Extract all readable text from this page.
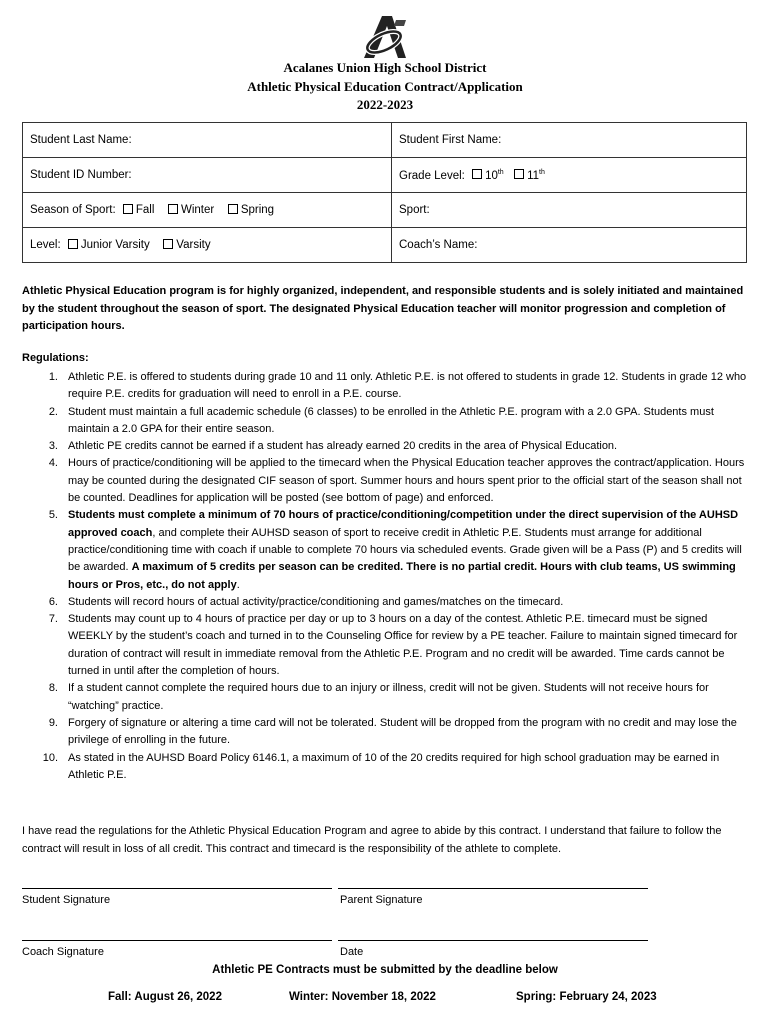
Acalanes Union High School District
Athletic Physical Education Contract/Application
2022-2023
Student Last Name:	Student First Name:
Student ID Number:	Grade Level: 10th 11th
Season of Sport: Fall Winter Spring	Sport:
Level: Junior Varsity Varsity	Coach’s Name:
Athletic Physical Education program is for highly organized, independent, and responsible students and is solely initiated and maintained by the student throughout the season of sport. The designated Physical Education teacher will monitor progression and completion of participation hours.
Regulations:
1. Athletic P.E. is offered to students during grade 10 and 11 only. Athletic P.E. is not offered to students in grade 12. Students in grade 12 who require P.E. credits for graduation will need to enroll in a P.E. course.
2. Student must maintain a full academic schedule (6 classes) to be enrolled in the Athletic P.E. program with a 2.0 GPA. Students must maintain a 2.0 GPA for their entire season.
3. Athletic PE credits cannot be earned if a student has already earned 20 credits in the area of Physical Education.
4. Hours of practice/conditioning will be applied to the timecard when the Physical Education teacher approves the contract/application. Hours may be counted during the designated CIF season of sport. Summer hours and hours spent prior to the official start of the season shall not be counted. Deadlines for application will be posted (see bottom of page) and enforced.
5. Students must complete a minimum of 70 hours of practice/conditioning/competition under the direct supervision of the AUHSD approved coach, and complete their AUHSD season of sport to receive credit in Athletic P.E. Students must arrange for additional practice/conditioning time with coach if unable to complete 70 hours via scheduled events. Grade given will be a Pass (P) and 5 credits will be awarded. A maximum of 5 credits per season can be credited. There is no partial credit. Hours with club teams, US swimming hours or Pros, etc., do not apply.
6. Students will record hours of actual activity/practice/conditioning and games/matches on the timecard.
7. Students may count up to 4 hours of practice per day or up to 3 hours on a day of the contest. Athletic P.E. timecard must be signed WEEKLY by the student’s coach and turned in to the Counseling Office for review by a PE teacher. Failure to maintain signed timecard for duration of contract will result in immediate removal from the Athletic P.E. Program and no credit will be awarded. Time cards cannot be turned in until after the completion of hours.
8. If a student cannot complete the required hours due to an injury or illness, credit will not be given. Students will not receive hours for “watching” practice.
9. Forgery of signature or altering a time card will not be tolerated. Student will be dropped from the program with no credit and may lose the privilege of enrolling in the future.
10. As stated in the AUHSD Board Policy 6146.1, a maximum of 10 of the 20 credits required for high school graduation may be earned in Athletic P.E.
I have read the regulations for the Athletic Physical Education Program and agree to abide by this contract. I understand that failure to follow the contract will result in loss of all credit. This contract and timecard is the responsibility of the athlete to complete.
Student Signature	Parent Signature
Coach Signature	Date
Athletic PE Contracts must be submitted by the deadline below
Fall: August 26, 2022	Winter: November 18, 2022	Spring: February 24, 2023
